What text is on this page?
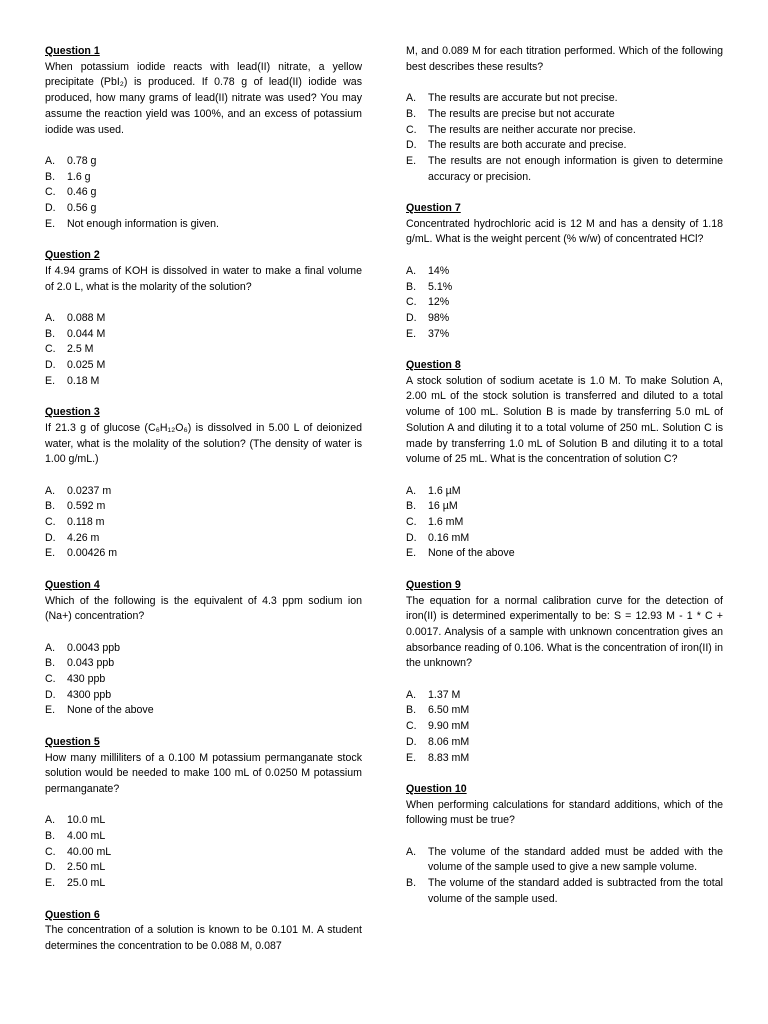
Question 1

When potassium iodide reacts with lead(II) nitrate, a yellow precipitate (PbI₂) is produced. If 0.78 g of lead(II) iodide was produced, how many grams of lead(II) nitrate was used? You may assume the reaction yield was 100%, and an excess of potassium iodide was used.

A.	0.78 g
B.	1.6 g
C.	0.46 g
D.	0.56 g
E.	Not enough information is given.

Question 2

If 4.94 grams of KOH is dissolved in water to make a final volume of 2.0 L, what is the molarity of the solution?

A.	0.088 M
B.	0.044 M
C.	2.5 M
D.	0.025 M
E.	0.18 M

Question 3

If 21.3 g of glucose (C₆H₁₂O₆) is dissolved in 5.00 L of deionized water, what is the molality of the solution? (The density of water is 1.00 g/mL.)

A.	0.0237 m
B.	0.592 m
C.	0.118 m
D.	4.26 m
E.	0.00426 m

Question 4

Which of the following is the equivalent of 4.3 ppm sodium ion (Na+) concentration?

A.	0.0043 ppb
B.	0.043 ppb
C.	430 ppb
D.	4300 ppb
E.	None of the above

Question 5

How many milliliters of a 0.100 M potassium permanganate stock solution would be needed to make 100 mL of 0.0250 M potassium permanganate?

A.	10.0 mL
B.	4.00 mL
C.	40.00 mL
D.	2.50 mL
E.	25.0 mL

Question 6

The concentration of a solution is known to be 0.101 M. A student determines the concentration to be 0.088 M, 0.087

M, and 0.089 M for each titration performed. Which of the following best describes these results?

A.	The results are accurate but not precise.
B.	The results are precise but not accurate
C.	The results are neither accurate nor precise.
D.	The results are both accurate and precise.
E.	The results are not enough information is given to determine accuracy or precision.

Question 7

Concentrated hydrochloric acid is 12 M and has a density of 1.18 g/mL. What is the weight percent (% w/w) of concentrated HCl?

A.	14%
B.	5.1%
C.	12%
D.	98%
E.	37%

Question 8

A stock solution of sodium acetate is 1.0 M. To make Solution A, 2.00 mL of the stock solution is transferred and diluted to a total volume of 100 mL. Solution B is made by transferring 5.0 mL of Solution A and diluting it to a total volume of 250 mL. Solution C is made by transferring 1.0 mL of Solution B and diluting it to a total volume of 25 mL. What is the concentration of solution C?

A.	1.6 µM
B.	16 µM
C.	1.6 mM
D.	0.16 mM
E.	None of the above

Question 9

The equation for a normal calibration curve for the detection of iron(II) is determined experimentally to be: S = 12.93 M - 1 * C + 0.0017. Analysis of a sample with unknown concentration gives an absorbance reading of 0.106. What is the concentration of iron(II) in the unknown?

A.	1.37 M
B.	6.50 mM
C.	9.90 mM
D.	8.06 mM
E.	8.83 mM

Question 10

When performing calculations for standard additions, which of the following must be true?

A.	The volume of the standard added must be added with the volume of the sample used to give a new sample volume.
B.	The volume of the standard added is subtracted from the total volume of the sample used.
